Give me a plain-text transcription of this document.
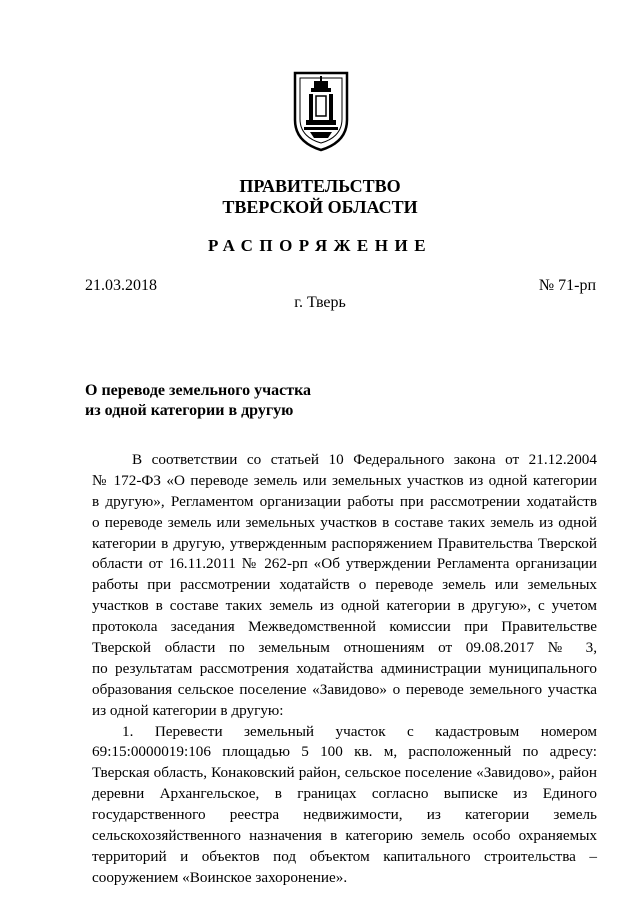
ПРАВИТЕЛЬСТВО
ТВЕРСКОЙ ОБЛАСТИ
РАСПОРЯЖЕНИЕ
21.03.2018	№ 71-рп
г. Тверь
О переводе земельного участка
из одной категории в другую
В соответствии со статьей 10 Федерального закона от 21.12.2004
№ 172-ФЗ «О переводе земель или земельных участков из одной категории
в другую», Регламентом организации работы при рассмотрении ходатайств
о переводе земель или земельных участков в составе таких земель из одной
категории в другую, утвержденным распоряжением Правительства Тверской
области от 16.11.2011 № 262-рп «Об утверждении Регламента организации
работы при рассмотрении ходатайств о переводе земель или земельных
участков в составе таких земель из одной категории в другую», с учетом
протокола заседания Межведомственной комиссии при Правительстве
Тверской области по земельным отношениям от 09.08.2017 № 3,
по результатам рассмотрения ходатайства администрации муниципального
образования сельское поселение «Завидово» о переводе земельного участка
из одной категории в другую:
1. Перевести земельный участок с кадастровым номером
69:15:0000019:106 площадью 5 100 кв. м, расположенный по адресу:
Тверская область, Конаковский район, сельское поселение «Завидово», район
деревни Архангельское, в границах согласно выписке из Единого
государственного реестра недвижимости, из категории земель
сельскохозяйственного назначения в категорию земель особо охраняемых
территорий и объектов под объектом капитального строительства –
сооружением «Воинское захоронение».
